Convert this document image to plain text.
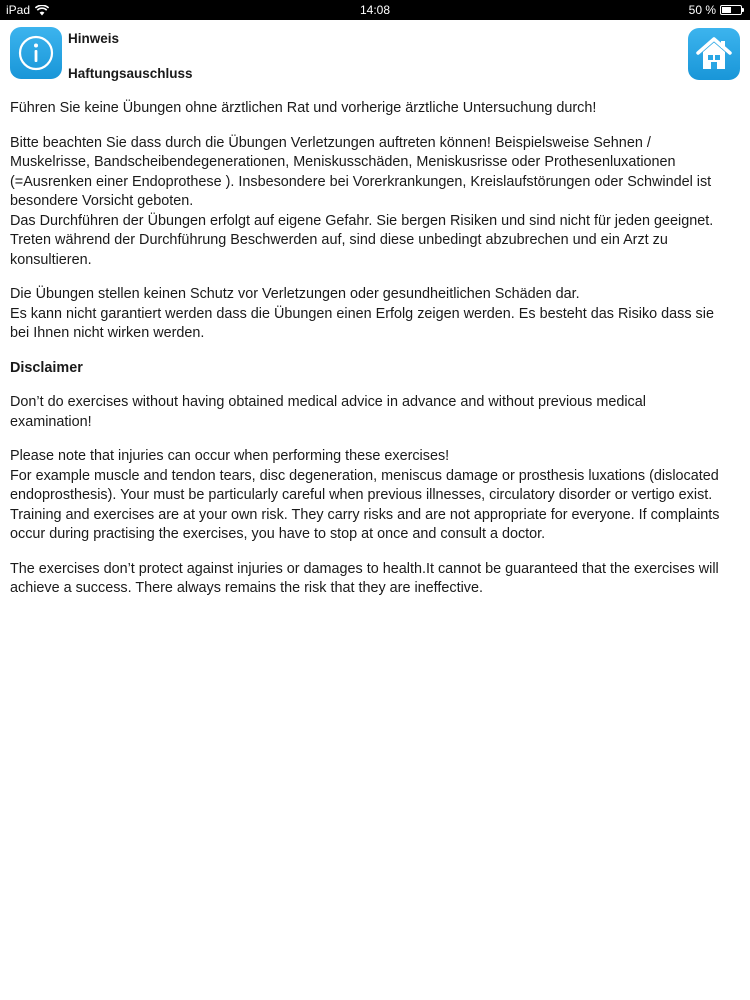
iPad	14:08	50 %
Hinweis
Haftungsauschluss

Führen Sie keine Übungen ohne ärztlichen Rat und vorherige ärztliche Untersuchung durch!

Bitte beachten Sie dass durch die Übungen Verletzungen auftreten können! Beispielsweise Sehnen / Muskelrisse, Bandscheibendegenerationen, Meniskusschäden, Meniskusrisse oder Prothesenluxationen (=Ausrenken einer Endoprothese ). Insbesondere bei Vorerkrankungen, Kreislaufstörungen oder Schwindel ist besondere Vorsicht geboten.
Das Durchführen der Übungen erfolgt auf eigene Gefahr. Sie bergen Risiken und sind nicht für jeden geeignet. Treten während der Durchführung Beschwerden auf, sind diese unbedingt abzubrechen und ein Arzt zu konsultieren.

Die Übungen stellen keinen Schutz vor Verletzungen oder gesundheitlichen Schäden dar.
Es kann nicht garantiert werden dass die Übungen einen Erfolg zeigen werden. Es besteht das Risiko dass sie bei Ihnen nicht wirken werden.

Disclaimer

Don’t do exercises without having obtained medical advice in advance and without previous medical examination!

Please note that injuries can occur when performing these exercises!
For example muscle and tendon tears, disc degeneration, meniscus damage or prosthesis luxations (dislocated endoprosthesis). Your must be particularly careful when previous illnesses, circulatory disorder or vertigo exist. Training and exercises are at your own risk. They carry risks and are not appropriate for everyone. If complaints occur during practising the exercises, you have to stop at once and consult a doctor.

The exercises don’t protect against injuries or damages to health.It cannot be guaranteed that the exercises will achieve a success. There always remains the risk that they are ineffective.
